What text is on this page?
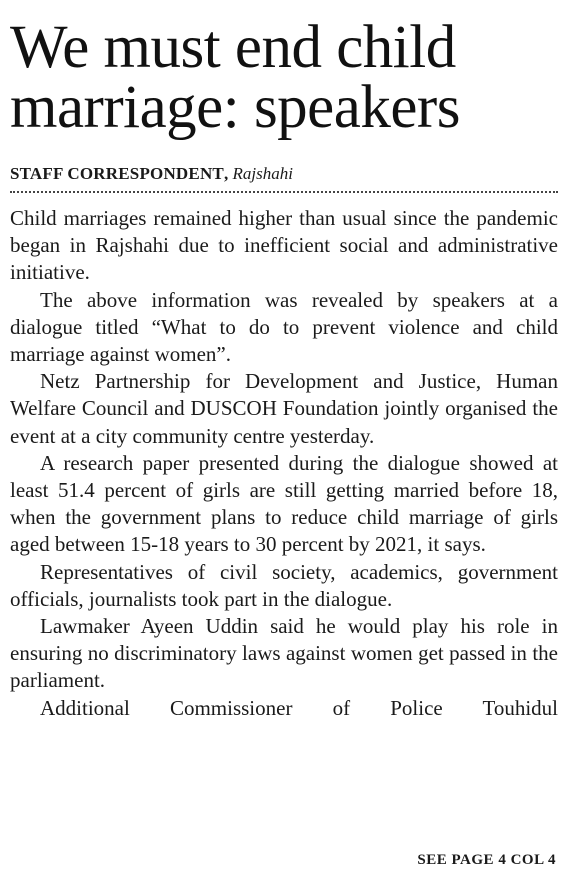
We must end child
marriage: speakers
STAFF CORRESPONDENT, Rajshahi

Child marriages remained higher than usual since the pandemic began in Rajshahi due to inefficient social and administrative initiative.

The above information was revealed by speakers at a dialogue titled “What to do to prevent violence and child marriage against women”.

Netz Partnership for Development and Justice, Human Welfare Council and DUSCOH Foundation jointly organised the event at a city community centre yesterday.

A research paper presented during the dialogue showed at least 51.4 percent of girls are still getting married before 18, when the government plans to reduce child marriage of girls aged between 15-18 years to 30 percent by 2021, it says.

Representatives of civil society, academics, government officials, journalists took part in the dialogue.

Lawmaker Ayeen Uddin said he would play his role in ensuring no discriminatory laws against women get passed in the parliament.

Additional Commissioner of Police Touhidul

SEE PAGE 4 COL 4
